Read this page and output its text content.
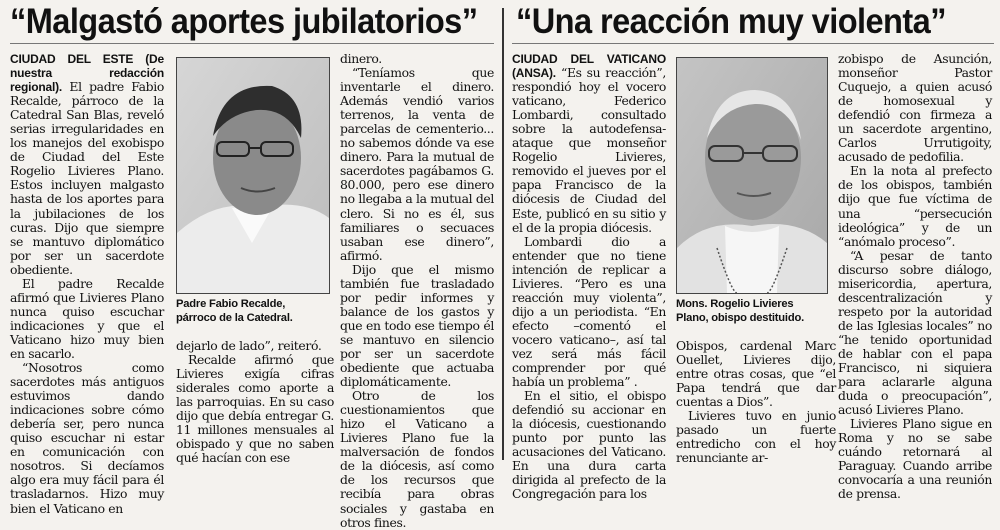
“Malgastó aportes jubilatorios”

CIUDAD DEL ESTE (De nuestra redacción regional). El padre Fabio Recalde, párroco de la Catedral San Blas, reveló serias irregularidades en los manejos del exobispo de Ciudad del Este Rogelio Livieres Plano. Estos incluyen malgasto hasta de los aportes para la jubilaciones de los curas. Dijo que siempre se mantuvo diplomático por ser un sacerdote obediente.

El padre Recalde afirmó que Livieres Plano nunca quiso escuchar indicaciones y que el Vaticano hizo muy bien en sacarlo.

“Nosotros como sacerdotes más antiguos estuvimos dando indicaciones sobre cómo debería ser, pero nunca quiso escuchar ni estar en comunicación con nosotros. Si decíamos algo era muy fácil para él trasladarnos. Hizo muy bien el Vaticano en

Padre Fabio Recalde,
párroco de la Catedral.

dejarlo de lado”, reiteró.

Recalde afirmó que Livieres exigía cifras siderales como aporte a las parroquias. En su caso dijo que debía entregar G. 11 millones mensuales al obispado y que no saben qué hacían con ese

dinero.

“Teníamos que inventarle el dinero. Además vendió varios terrenos, la venta de parcelas de cementerio... no sabemos dónde va ese dinero. Para la mutual de sacerdotes pagábamos G. 80.000, pero ese dinero no llegaba a la mutual del clero. Si no es él, sus familiares o secuaces usaban ese dinero”, afirmó.

Dijo que el mismo también fue trasladado por pedir informes y balance de los gastos y que en todo ese tiempo él se mantuvo en silencio por ser un sacerdote obediente que actuaba diplomáticamente.

Otro de los cuestionamientos que hizo el Vaticano a Livieres Plano fue la malversación de fondos de la diócesis, así como de los recursos que recibía para obras sociales y gastaba en otros fines.

“Una reacción muy violenta”

CIUDAD DEL VATICANO (ANSA). “Es su reacción”, respondió hoy el vocero vaticano, Federico Lombardi, consultado sobre la autodefensa-ataque que monseñor Rogelio Livieres, removido el jueves por el papa Francisco de la diócesis de Ciudad del Este, publicó en su sitio y el de la propia diócesis.

Lombardi dio a entender que no tiene intención de replicar a Livieres. “Pero es una reacción muy violenta”, dijo a un periodista. “En efecto –comentó el vocero vaticano–, así tal vez será más fácil comprender por qué había un problema” .

En el sitio, el obispo defendió su accionar en la diócesis, cuestionando punto por punto las acusaciones del Vaticano. En una dura carta dirigida al prefecto de la Congregación para los

Mons. Rogelio Livieres
Plano, obispo destituido.

Obispos, cardenal Marc Ouellet, Livieres dijo, entre otras cosas, que “el Papa tendrá que dar cuentas a Dios”.

Livieres tuvo en junio pasado un fuerte entredicho con el hoy renunciante ar-

zobispo de Asunción, monseñor Pastor Cuquejo, a quien acusó de homosexual y defendió con firmeza a un sacerdote argentino, Carlos Urrutigoity, acusado de pedofilia.

En la nota al prefecto de los obispos, también dijo que fue víctima de una “persecución ideológica” y de un “anómalo proceso”.

“A pesar de tanto discurso sobre diálogo, misericordia, apertura, descentralización y respeto por la autoridad de las Iglesias locales” no “he tenido oportunidad de hablar con el papa Francisco, ni siquiera para aclararle alguna duda o preocupación”, acusó Livieres Plano.

Livieres Plano sigue en Roma y no se sabe cuándo retornará al Paraguay. Cuando arribe convocaría a una reunión de prensa.
